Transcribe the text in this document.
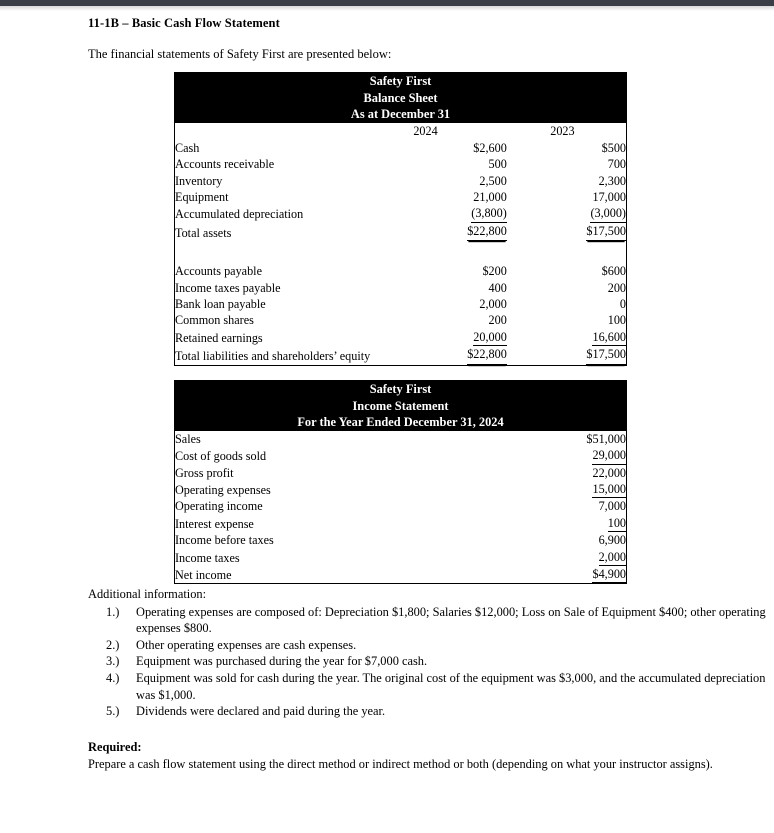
11-1B – Basic Cash Flow Statement
The financial statements of Safety First are presented below:
Safety First
Balance Sheet
As at December 31		

	2024	2023
Cash	$2,600	$500
Accounts receivable	500	700
Inventory	2,500	2,300
Equipment	21,000	17,000
Accumulated depreciation	(3,800)	(3,000)
Total assets	$22,800	$17,500

Accounts payable	$200	$600
Income taxes payable	400	200
Bank loan payable	2,000	0
Common shares	200	100
Retained earnings	20,000	16,600
Total liabilities and shareholders’ equity	$22,800	$17,500
Safety First
Income Statement
For the Year Ended December 31, 2024	

Sales	$51,000
Cost of goods sold	29,000
Gross profit	22,000
Operating expenses	15,000
Operating income	7,000
Interest expense	100
Income before taxes	6,900
Income taxes	2,000
Net income	$4,900

Additional information:

1.)	Operating expenses are composed of: Depreciation $1,800; Salaries $12,000; Loss on Sale of Equipment $400; other operating expenses $800.
2.)	Other operating expenses are cash expenses.
3.)	Equipment was purchased during the year for $7,000 cash.
4.)	Equipment was sold for cash during the year. The original cost of the equipment was $3,000, and the accumulated depreciation was $1,000.
5.)	Dividends were declared and paid during the year.

Required:

Prepare a cash flow statement using the direct method or indirect method or both (depending on what your instructor assigns).
